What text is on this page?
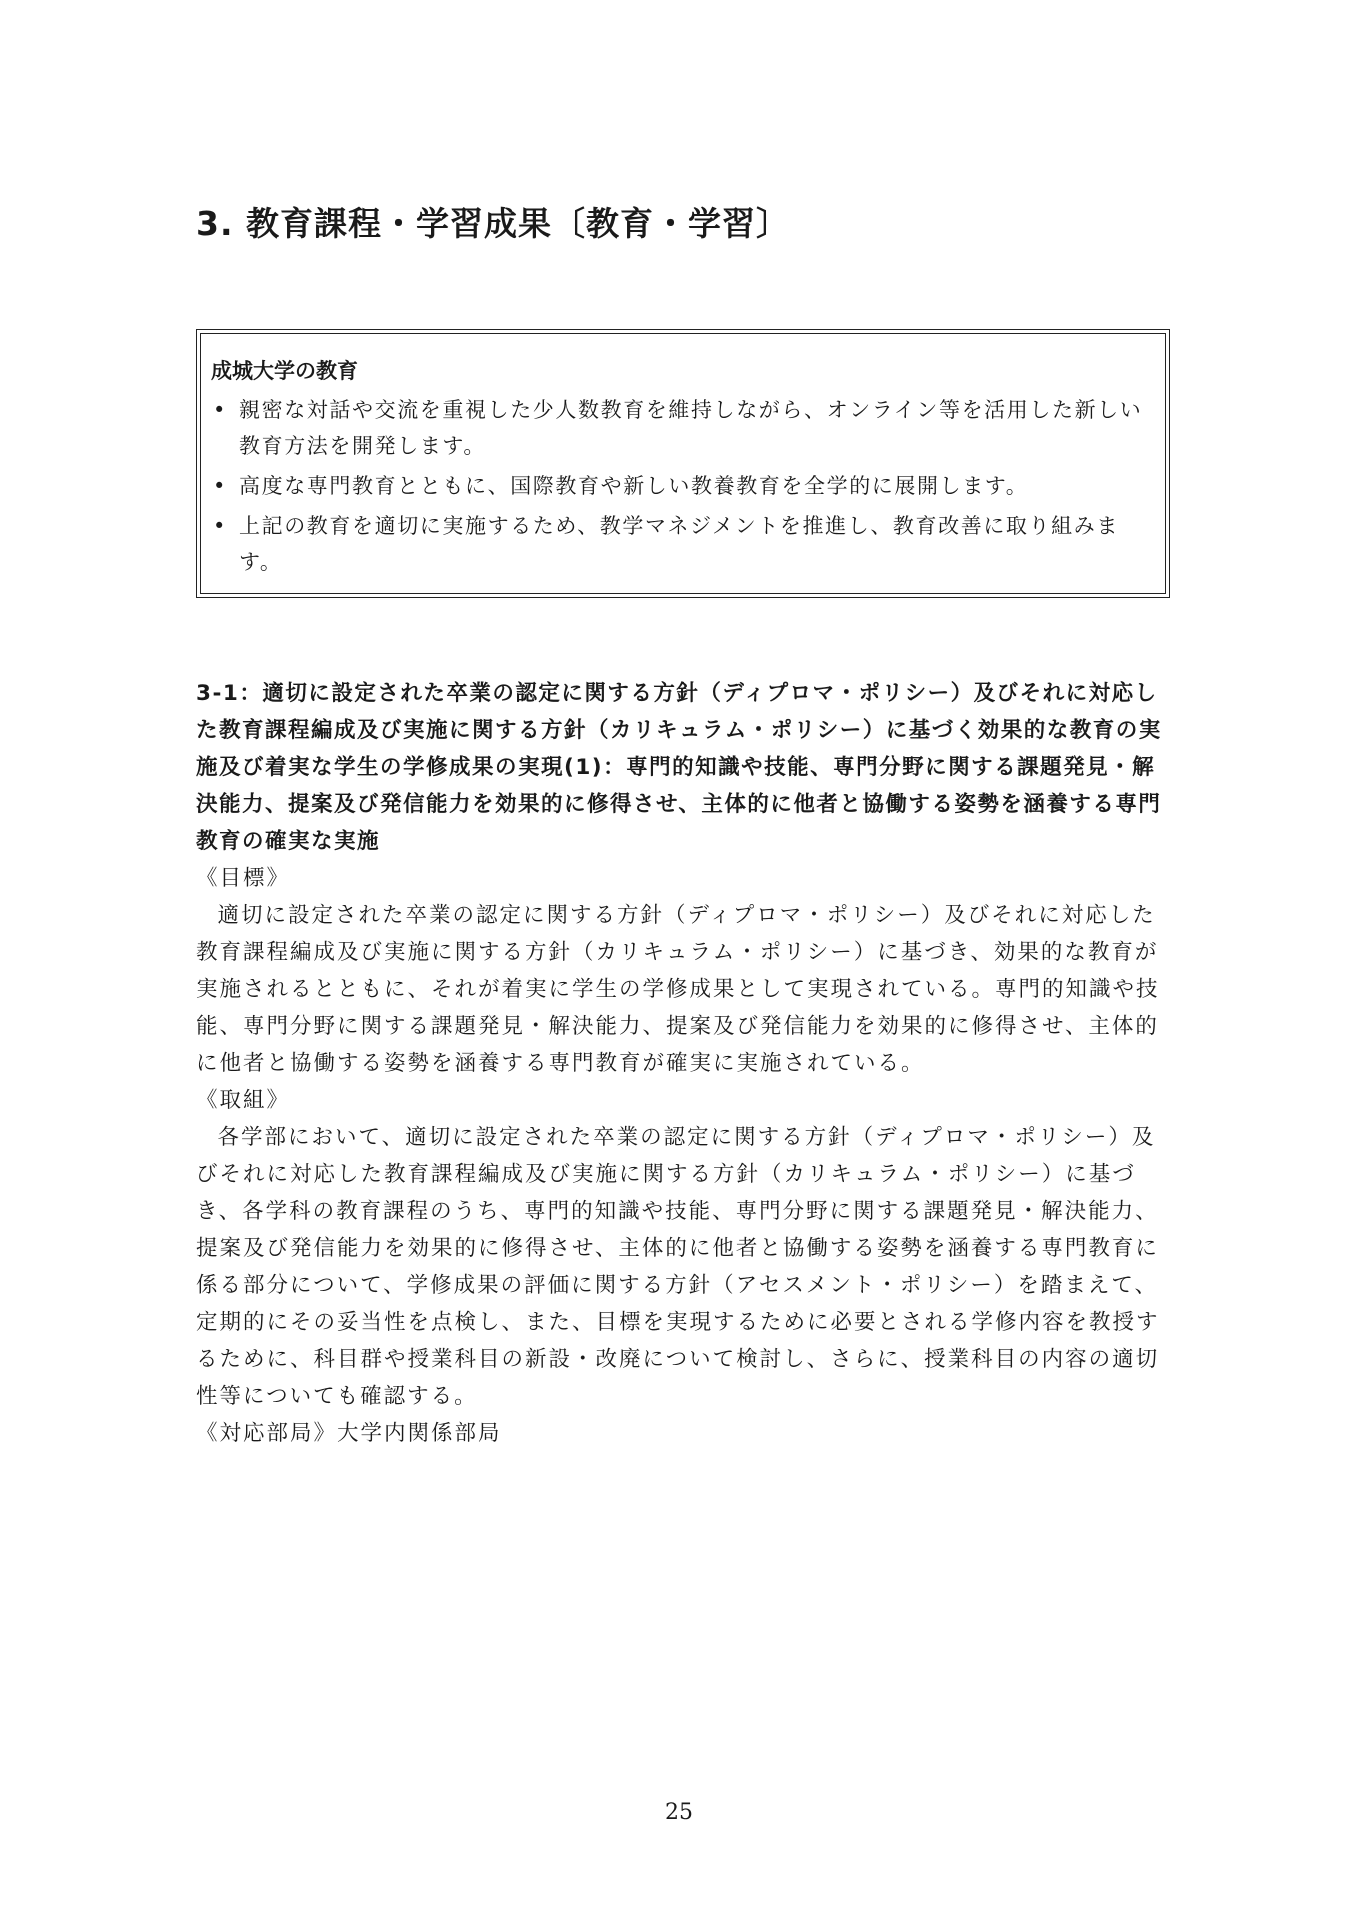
3. 教育課程・学習成果〔教育・学習〕

成城大学の教育

• 親密な対話や交流を重視した少人数教育を維持しながら、オンライン等を活用した新しい教育方法を開発します。
• 高度な専門教育とともに、国際教育や新しい教養教育を全学的に展開します。
• 上記の教育を適切に実施するため、教学マネジメントを推進し、教育改善に取り組みます。
3-1：適切に設定された卒業の認定に関する方針（ディプロマ・ポリシー）及びそれに対応した教育課程編成及び実施に関する方針（カリキュラム・ポリシー）に基づく効果的な教育の実施及び着実な学生の学修成果の実現(1)：専門的知識や技能、専門分野に関する課題発見・解決能力、提案及び発信能力を効果的に修得させ、主体的に他者と協働する姿勢を涵養する専門教育の確実な実施

《目標》

適切に設定された卒業の認定に関する方針（ディプロマ・ポリシー）及びそれに対応した教育課程編成及び実施に関する方針（カリキュラム・ポリシー）に基づき、効果的な教育が実施されるとともに、それが着実に学生の学修成果として実現されている。専門的知識や技能、専門分野に関する課題発見・解決能力、提案及び発信能力を効果的に修得させ、主体的に他者と協働する姿勢を涵養する専門教育が確実に実施されている。

《取組》

各学部において、適切に設定された卒業の認定に関する方針（ディプロマ・ポリシー）及びそれに対応した教育課程編成及び実施に関する方針（カリキュラム・ポリシー）に基づき、各学科の教育課程のうち、専門的知識や技能、専門分野に関する課題発見・解決能力、提案及び発信能力を効果的に修得させ、主体的に他者と協働する姿勢を涵養する専門教育に係る部分について、学修成果の評価に関する方針（アセスメント・ポリシー）を踏まえて、定期的にその妥当性を点検し、また、目標を実現するために必要とされる学修内容を教授するために、科目群や授業科目の新設・改廃について検討し、さらに、授業科目の内容の適切性等についても確認する。

《対応部局》大学内関係部局

25
